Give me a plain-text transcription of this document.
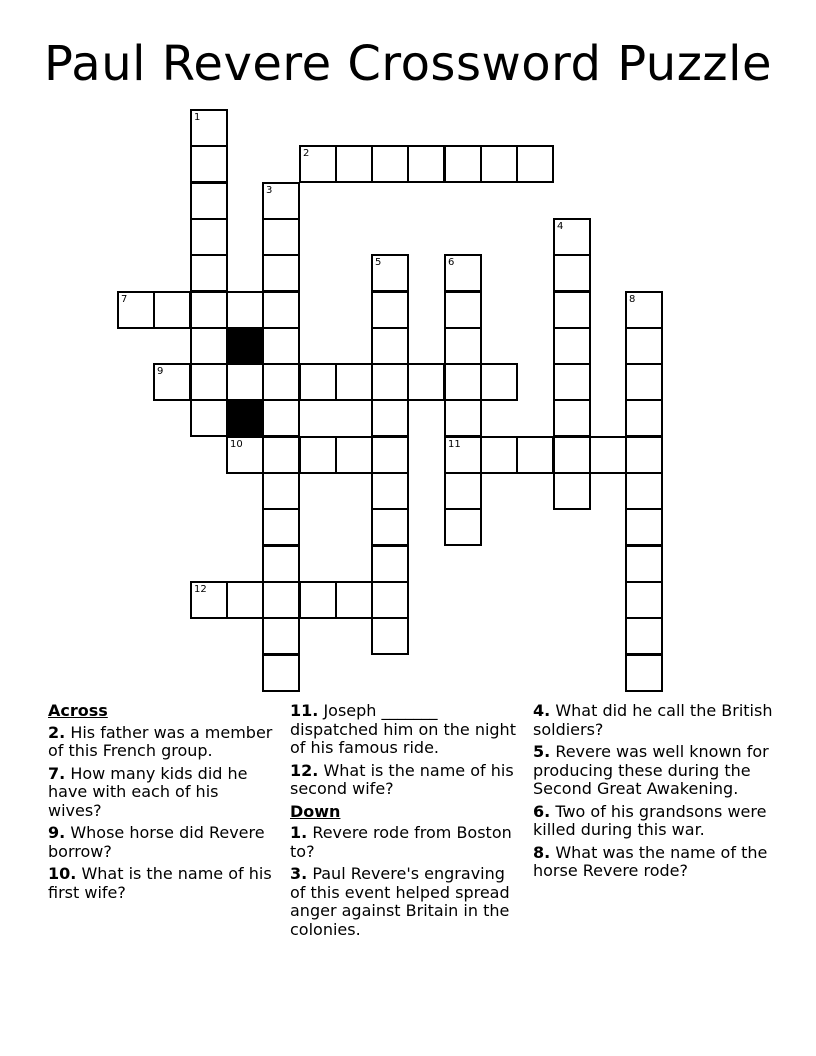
Paul Revere Crossword Puzzle
1
2
3
4
5	6
11
7	8
9
10
12
Across
2. His father was a member of this French group.
7. How many kids did he have with each of his wives?
9. Whose horse did Revere borrow?
10. What is the name of his first wife?
11. Joseph _______ dispatched him on the night of his famous ride.
12. What is the name of his second wife?
Down
1. Revere rode from Boston to?
3. Paul Revere's engraving of this event helped spread anger against Britain in the colonies.
4. What did he call the British soldiers?
5. Revere was well known for producing these during the Second Great Awakening.
6. Two of his grandsons were killed during this war.
8. What was the name of the horse Revere rode?
